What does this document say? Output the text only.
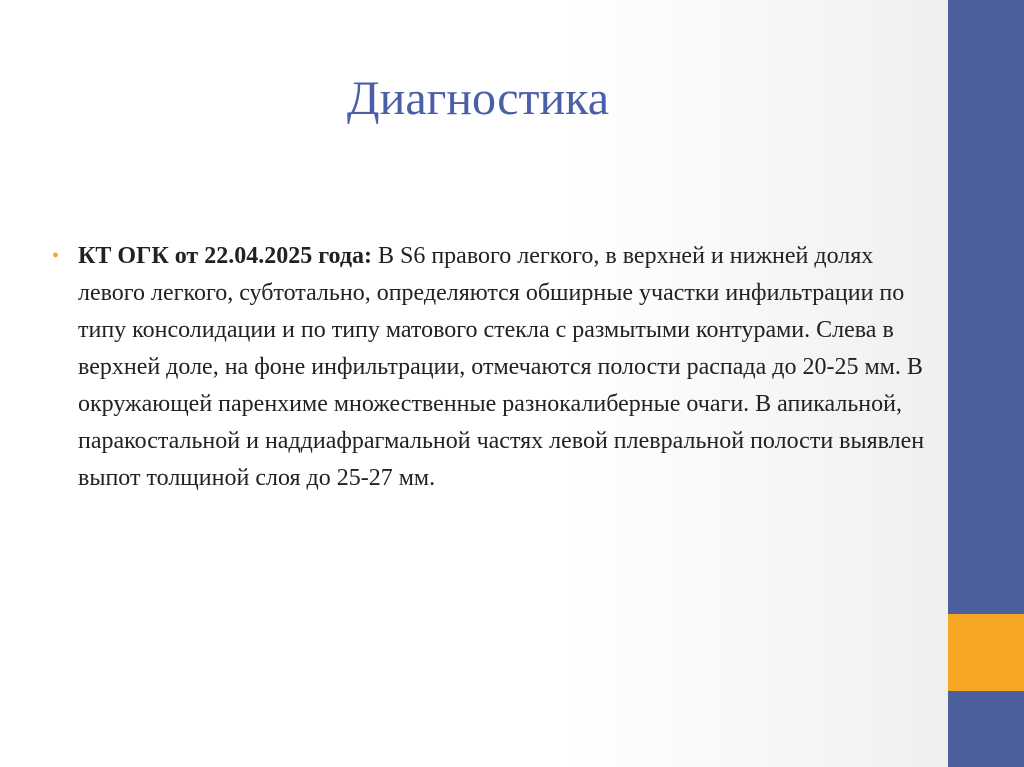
Диагностика
• КТ ОГК от 22.04.2025 года: В S6 правого легкого, в верхней и нижней долях левого легкого, субтотально, определяются обширные участки инфильтрации по типу консолидации и по типу матового стекла с размытыми контурами. Слева в верхней доле, на фоне инфильтрации, отмечаются полости распада до 20-25 мм. В окружающей паренхиме множественные разнокалиберные очаги. В апикальной, паракостальной и наддиафрагмальной частях левой плевральной полости выявлен выпот толщиной слоя до 25-27 мм.
